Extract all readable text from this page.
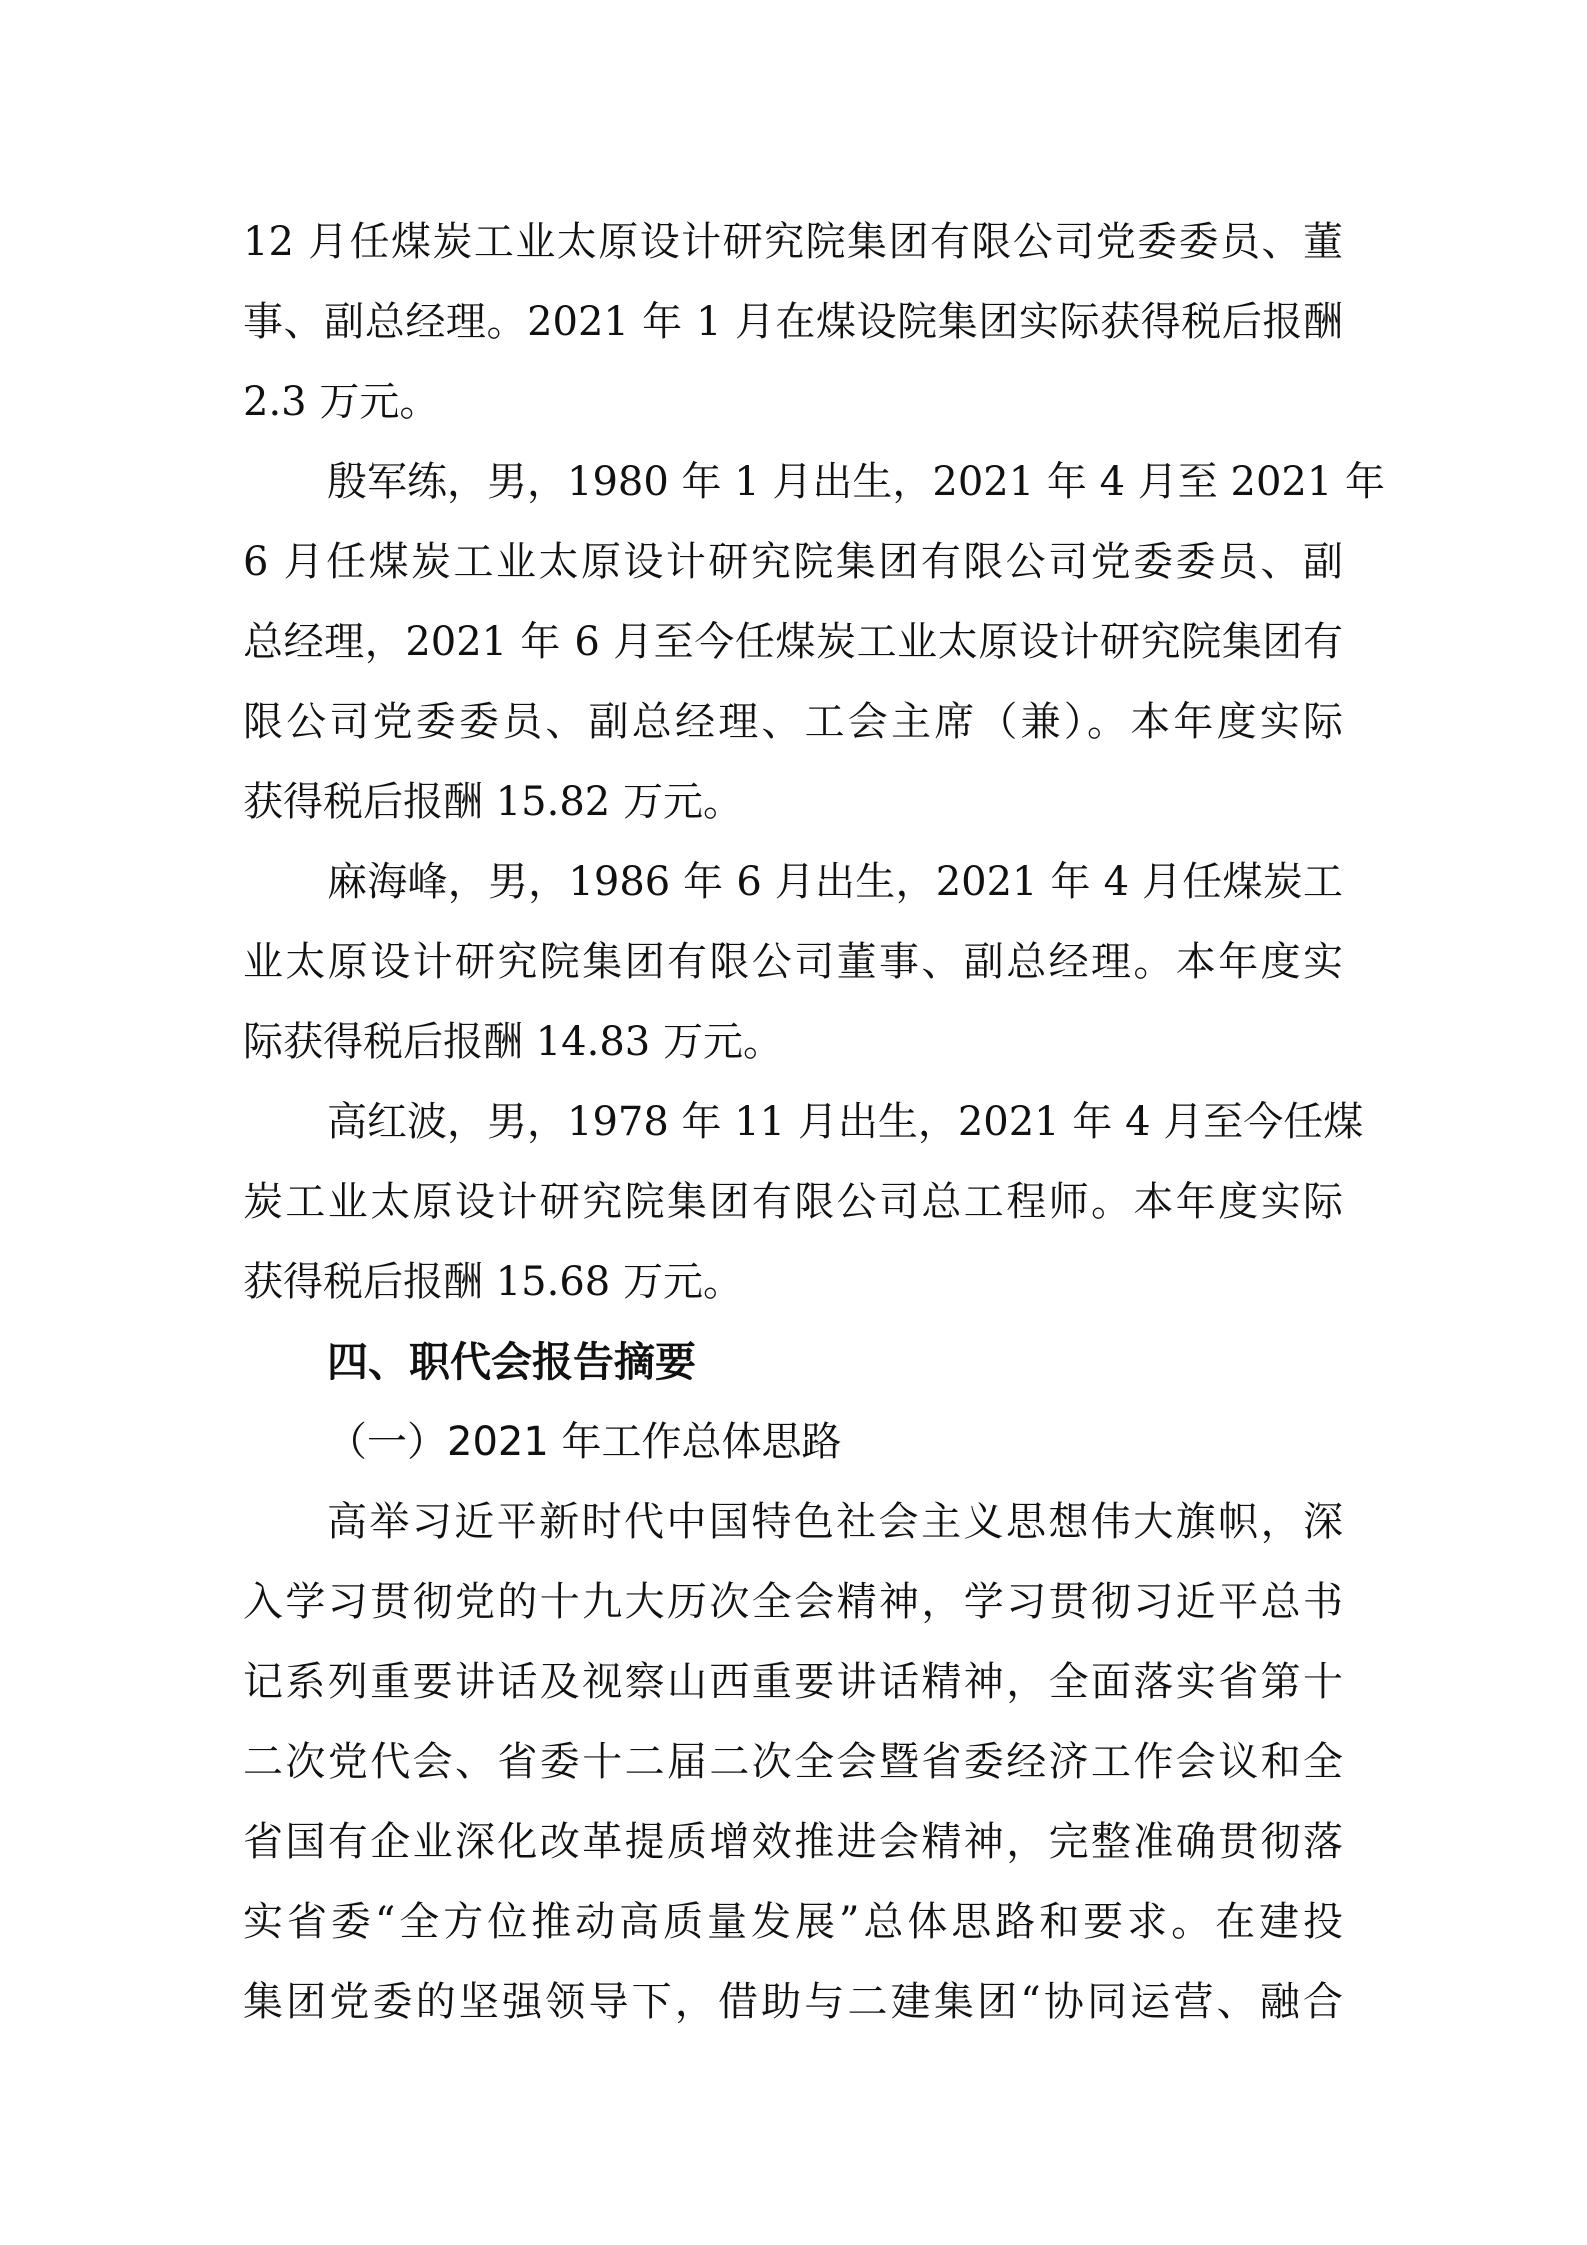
12 月任煤炭工业太原设计研究院集团有限公司党委委员、董
事、副总经理。2021 年 1 月在煤设院集团实际获得税后报酬
2.3 万元。
殷军练，男，1980 年 1 月出生，2021 年 4 月至 2021 年
6 月任煤炭工业太原设计研究院集团有限公司党委委员、副
总经理，2021 年 6 月至今任煤炭工业太原设计研究院集团有
限公司党委委员、副总经理、工会主席（兼）。本年度实际
获得税后报酬 15.82 万元。
麻海峰，男，1986 年 6 月出生，2021 年 4 月任煤炭工
业太原设计研究院集团有限公司董事、副总经理。本年度实
际获得税后报酬 14.83 万元。
高红波，男，1978 年 11 月出生，2021 年 4 月至今任煤
炭工业太原设计研究院集团有限公司总工程师。本年度实际
获得税后报酬 15.68 万元。
四、职代会报告摘要
（一）2021 年工作总体思路
高举习近平新时代中国特色社会主义思想伟大旗帜，深
入学习贯彻党的十九大历次全会精神，学习贯彻习近平总书
记系列重要讲话及视察山西重要讲话精神，全面落实省第十
二次党代会、省委十二届二次全会暨省委经济工作会议和全
省国有企业深化改革提质增效推进会精神，完整准确贯彻落
实省委“全方位推动高质量发展”总体思路和要求。在建投
集团党委的坚强领导下，借助与二建集团“协同运营、融合
